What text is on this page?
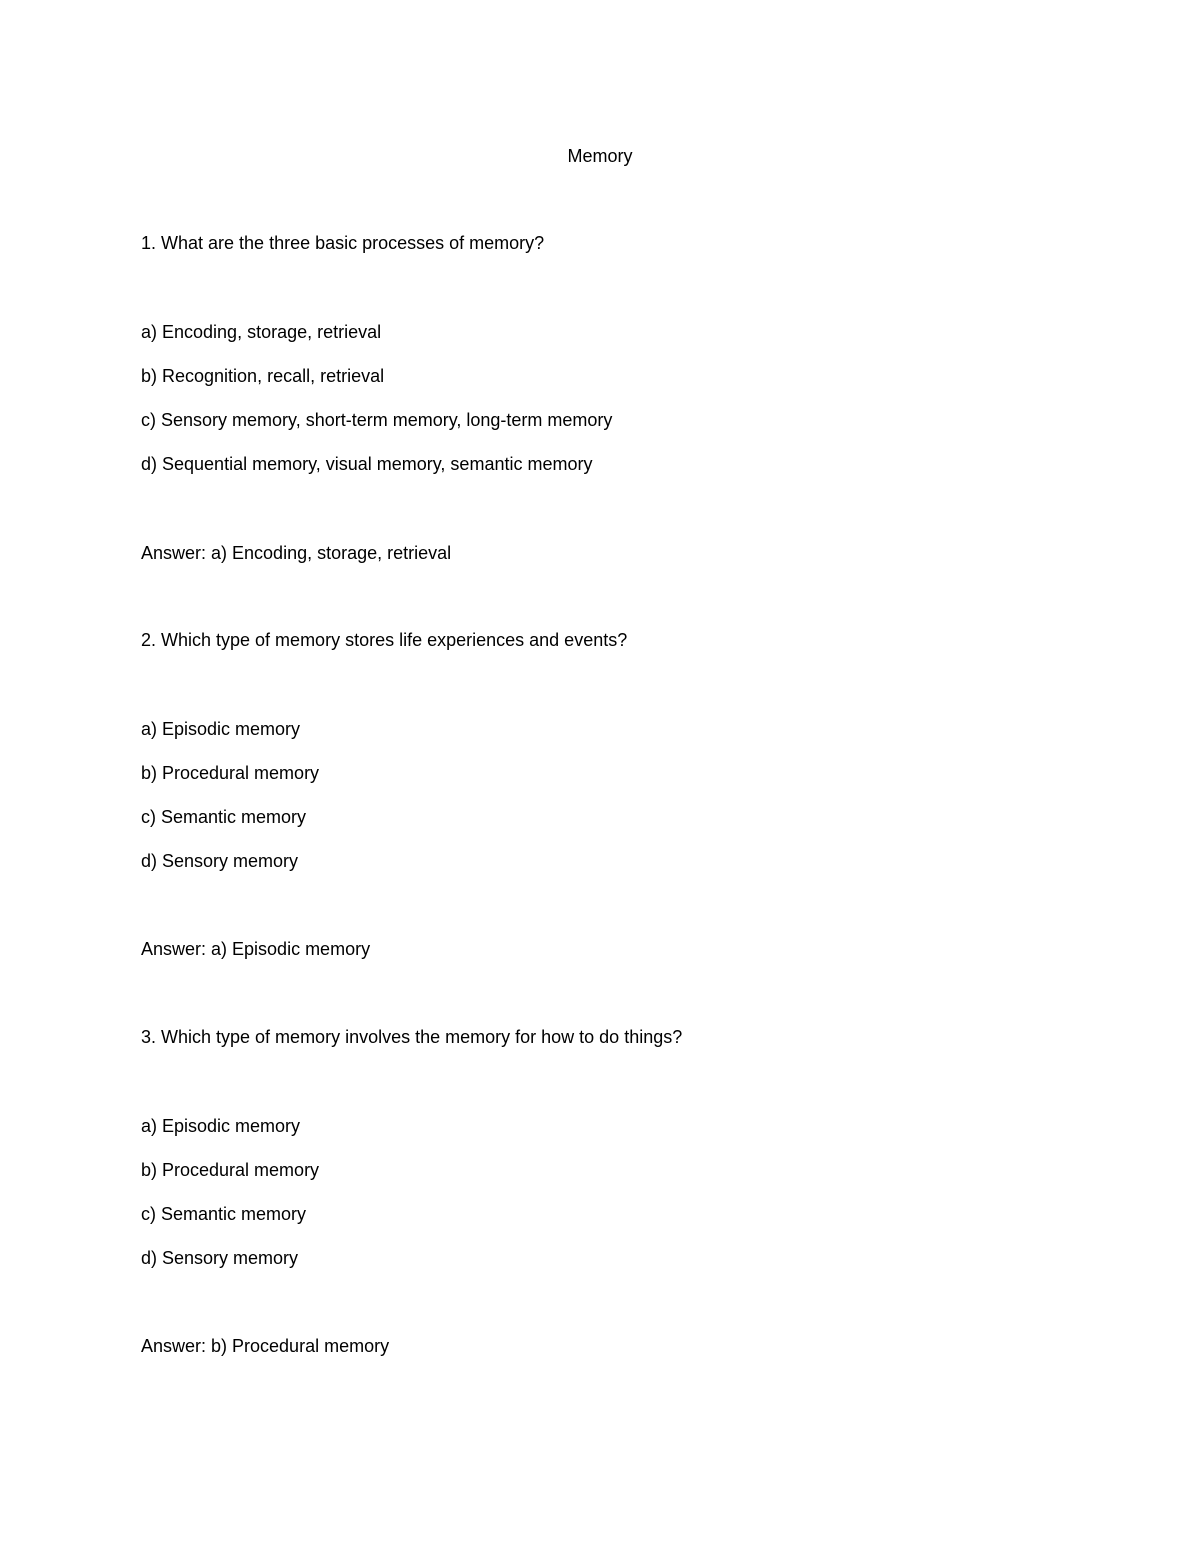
Memory
1. What are the three basic processes of memory?
a) Encoding, storage, retrieval
b) Recognition, recall, retrieval
c) Sensory memory, short-term memory, long-term memory
d) Sequential memory, visual memory, semantic memory
Answer: a) Encoding, storage, retrieval
2. Which type of memory stores life experiences and events?
a) Episodic memory
b) Procedural memory
c) Semantic memory
d) Sensory memory
Answer: a) Episodic memory
3. Which type of memory involves the memory for how to do things?
a) Episodic memory
b) Procedural memory
c) Semantic memory
d) Sensory memory
Answer: b) Procedural memory
